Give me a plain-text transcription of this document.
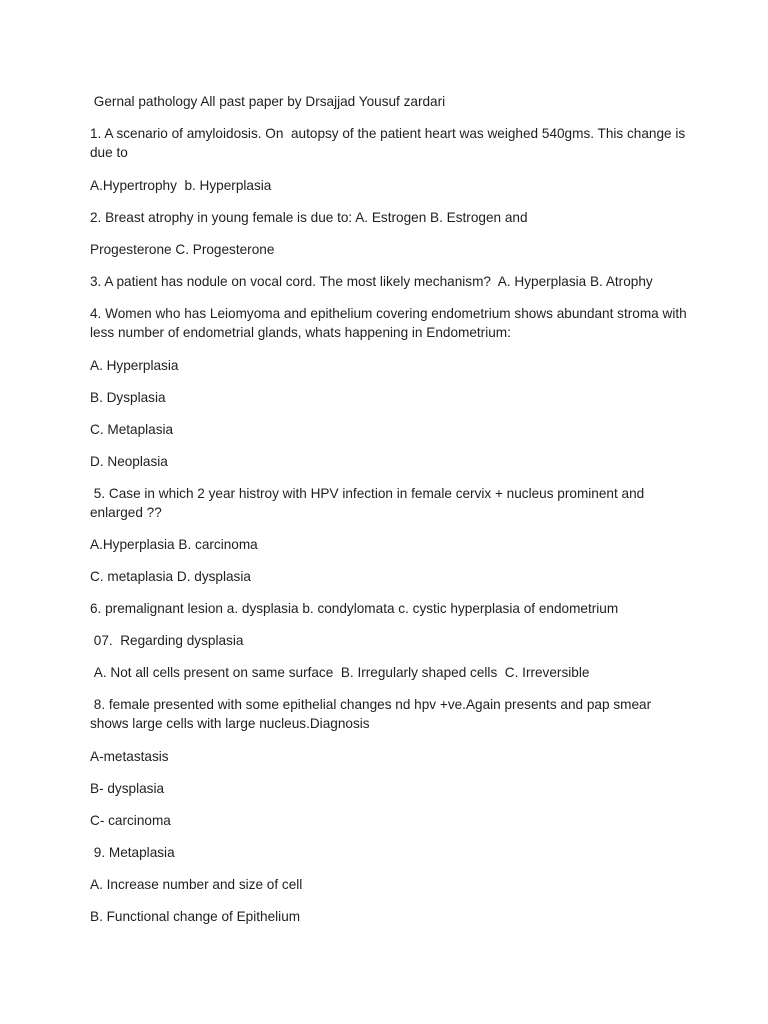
Gernal pathology All past paper by Drsajjad Yousuf zardari

1. A scenario of amyloidosis. On  autopsy of the patient heart was weighed 540gms. This change is due to

A.Hypertrophy  b. Hyperplasia

2. Breast atrophy in young female is due to: A. Estrogen B. Estrogen and

Progesterone C. Progesterone

3. A patient has nodule on vocal cord. The most likely mechanism?  A. Hyperplasia B. Atrophy

4. Women who has Leiomyoma and epithelium covering endometrium shows abundant stroma with less number of endometrial glands, whats happening in Endometrium:

A. Hyperplasia

B. Dysplasia

C. Metaplasia

D. Neoplasia

5. Case in which 2 year histroy with HPV infection in female cervix + nucleus prominent and enlarged ??

A.Hyperplasia B. carcinoma

C. metaplasia D. dysplasia

6. premalignant lesion a. dysplasia b. condylomata c. cystic hyperplasia of endometrium

07.  Regarding dysplasia

A. Not all cells present on same surface  B. Irregularly shaped cells  C. Irreversible

8. female presented with some epithelial changes nd hpv +ve.Again presents and pap smear shows large cells with large nucleus.Diagnosis

A-metastasis

B- dysplasia

C- carcinoma

9. Metaplasia

A. Increase number and size of cell

B. Functional change of Epithelium
